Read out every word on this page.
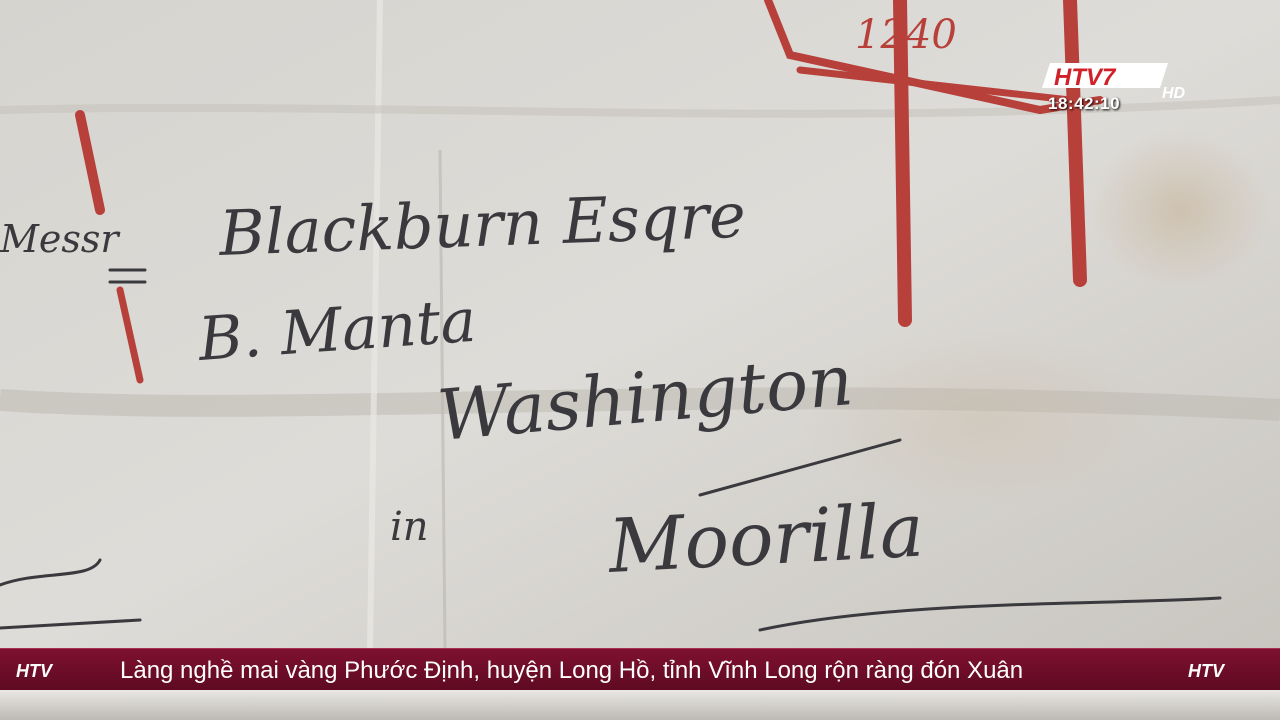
1240
Messr Blackburn Esqre
B. Manta
Washington
in Moorilla
HTV7
HD
18:42:10
HTV	Làng nghề mai vàng Phước Định, huyện Long Hồ, tỉnh Vĩnh Long rộn ràng đón Xuân	HTV
